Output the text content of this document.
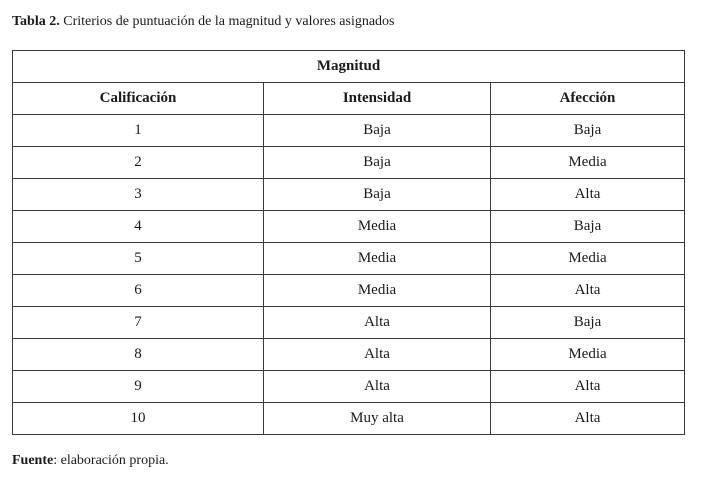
Tabla 2. Criterios de puntuación de la magnitud y valores asignados
Magnitud		
Calificación	Intensidad	Afección
1	Baja	Baja
2	Baja	Media
3	Baja	Alta
4	Media	Baja
5	Media	Media
6	Media	Alta
7	Alta	Baja
8	Alta	Media
9	Alta	Alta
10	Muy alta	Alta
Fuente: elaboración propia.
